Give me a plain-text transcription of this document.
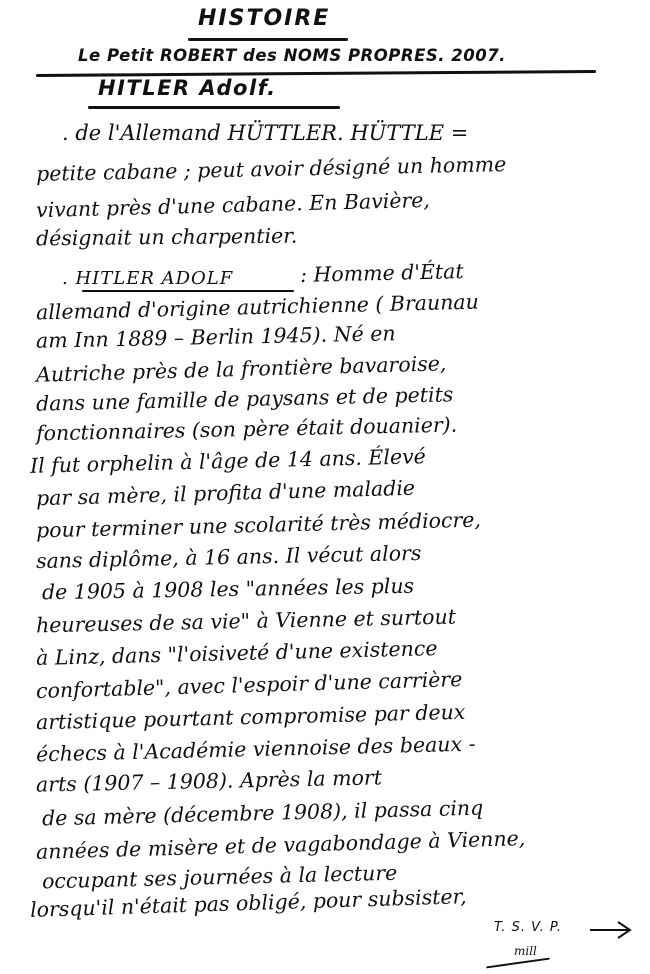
HISTOIRE
Le Petit ROBERT des NOMS PROPRES. 2007.
HITLER Adolf.
. de l'Allemand HÜTTLER. HÜTTLE =
petite cabane ; peut avoir désigné un homme
vivant près d'une cabane. En Bavière,
désignait un charpentier.
. HITLER ADOLF	: Homme d'État
allemand d'origine autrichienne ( Braunau
am Inn 1889 – Berlin 1945). Né en
Autriche près de la frontière bavaroise,
dans une famille de paysans et de petits
fonctionnaires (son père était douanier).
Il fut orphelin à l'âge de 14 ans. Élevé
par sa mère, il profita d'une maladie
pour terminer une scolarité très médiocre,
sans diplôme, à 16 ans. Il vécut alors
de 1905 à 1908 les "années les plus
heureuses de sa vie" à Vienne et surtout
à Linz, dans "l'oisiveté d'une existence
confortable", avec l'espoir d'une carrière
artistique pourtant compromise par deux
échecs à l'Académie viennoise des beaux -
arts (1907 – 1908). Après la mort
de sa mère (décembre 1908), il passa cinq
années de misère et de vagabondage à Vienne,
occupant ses journées à la lecture
lorsqu'il n'était pas obligé, pour subsister,
T. S. V. P.
mill
